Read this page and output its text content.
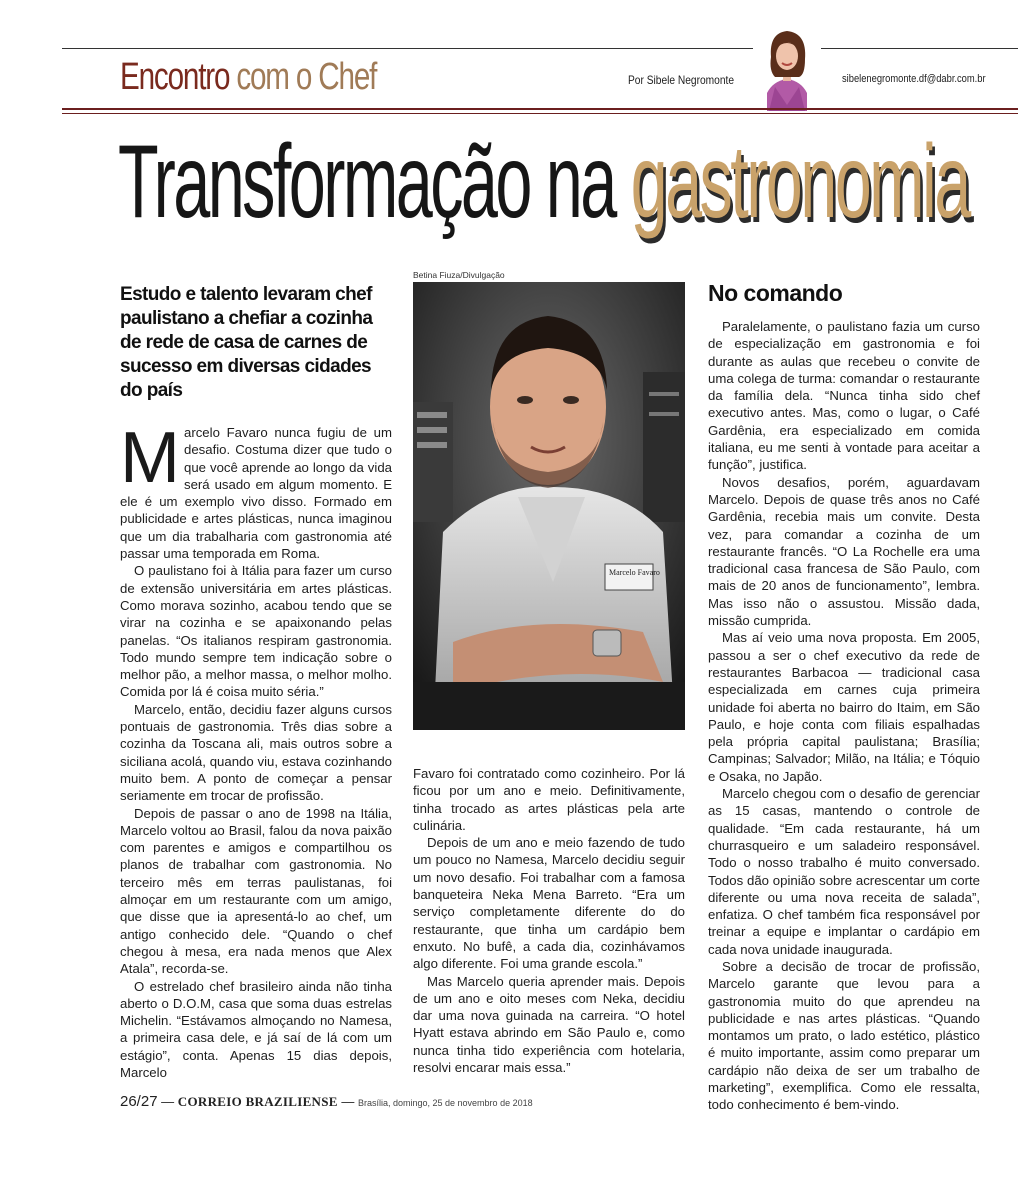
Encontro com o Chef	Por Sibele Negromonte	sibelenegromonte.df@dabr.com.br
Transformação na gastronomia
Estudo e talento levaram chef paulistano a chefiar a cozinha de rede de casa de carnes de sucesso em diversas cidades do país

Marcelo Favaro nunca fugiu de um desafio. Costuma dizer que tudo o que você aprende ao longo da vida será usado em algum momento. E ele é um exemplo vivo disso. Formado em publicidade e artes plásticas, nunca imaginou que um dia trabalharia com gastronomia até passar uma temporada em Roma.

O paulistano foi à Itália para fazer um curso de extensão universitária em artes plásticas. Como morava sozinho, acabou tendo que se virar na cozinha e se apaixonando pelas panelas. “Os italianos respiram gastronomia. Todo mundo sempre tem indicação sobre o melhor pão, a melhor massa, o melhor molho. Comida por lá é coisa muito séria.”

Marcelo, então, decidiu fazer alguns cursos pontuais de gastronomia. Três dias sobre a cozinha da Toscana ali, mais outros sobre a siciliana acolá, quando viu, estava cozinhando muito bem. A ponto de começar a pensar seriamente em trocar de profissão.

Depois de passar o ano de 1998 na Itália, Marcelo voltou ao Brasil, falou da nova paixão com parentes e amigos e compartilhou os planos de trabalhar com gastronomia. No terceiro mês em terras paulistanas, foi almoçar em um restaurante com um amigo, que disse que ia apresentá-lo ao chef, um antigo conhecido dele. “Quando o chef chegou à mesa, era nada menos que Alex Atala”, recorda-se.

O estrelado chef brasileiro ainda não tinha aberto o D.O.M, casa que soma duas estrelas Michelin. “Estávamos almoçando no Namesa, a primeira casa dele, e já saí de lá com um estágio”, conta. Apenas 15 dias depois, Marcelo

Betina Fiuza/Divulgação
Marcelo Favaro

Favaro foi contratado como cozinheiro. Por lá ficou por um ano e meio. Definitivamente, tinha trocado as artes plásticas pela arte culinária.

Depois de um ano e meio fazendo de tudo um pouco no Namesa, Marcelo decidiu seguir um novo desafio. Foi trabalhar com a famosa banqueteira Neka Mena Barreto. “Era um serviço completamente diferente do do restaurante, que tinha um cardápio bem enxuto. No bufê, a cada dia, cozinhávamos algo diferente. Foi uma grande escola.”

Mas Marcelo queria aprender mais. Depois de um ano e oito meses com Neka, decidiu dar uma nova guinada na carreira. “O hotel Hyatt estava abrindo em São Paulo e, como nunca tinha tido experiência com hotelaria, resolvi encarar mais essa.”

No comando

Paralelamente, o paulistano fazia um curso de especialização em gastronomia e foi durante as aulas que recebeu o convite de uma colega de turma: comandar o restaurante da família dela. “Nunca tinha sido chef executivo antes. Mas, como o lugar, o Café Gardênia, era especializado em comida italiana, eu me senti à vontade para aceitar a função”, justifica.

Novos desafios, porém, aguardavam Marcelo. Depois de quase três anos no Café Gardênia, recebia mais um convite. Desta vez, para comandar a cozinha de um restaurante francês. “O La Rochelle era uma tradicional casa francesa de São Paulo, com mais de 20 anos de funcionamento”, lembra. Mas isso não o assustou. Missão dada, missão cumprida.

Mas aí veio uma nova proposta. Em 2005, passou a ser o chef executivo da rede de restaurantes Barbacoa — tradicional casa especializada em carnes cuja primeira unidade foi aberta no bairro do Itaim, em São Paulo, e hoje conta com filiais espalhadas pela própria capital paulistana; Brasília; Campinas; Salvador; Milão, na Itália; e Tóquio e Osaka, no Japão.

Marcelo chegou com o desafio de gerenciar as 15 casas, mantendo o controle de qualidade. “Em cada restaurante, há um churrasqueiro e um saladeiro responsável. Todo o nosso trabalho é muito conversado. Todos dão opinião sobre acrescentar um corte diferente ou uma nova receita de salada”, enfatiza. O chef também fica responsável por treinar a equipe e implantar o cardápio em cada nova unidade inaugurada.

Sobre a decisão de trocar de profissão, Marcelo garante que levou para a gastronomia muito do que aprendeu na publicidade e nas artes plásticas. “Quando montamos um prato, o lado estético, plástico é muito importante, assim como preparar um cardápio não deixa de ser um trabalho de marketing”, exemplifica. Como ele ressalta, todo conhecimento é bem-vindo.

26/27 — CORREIO BRAZILIENSE — Brasília, domingo, 25 de novembro de 2018
